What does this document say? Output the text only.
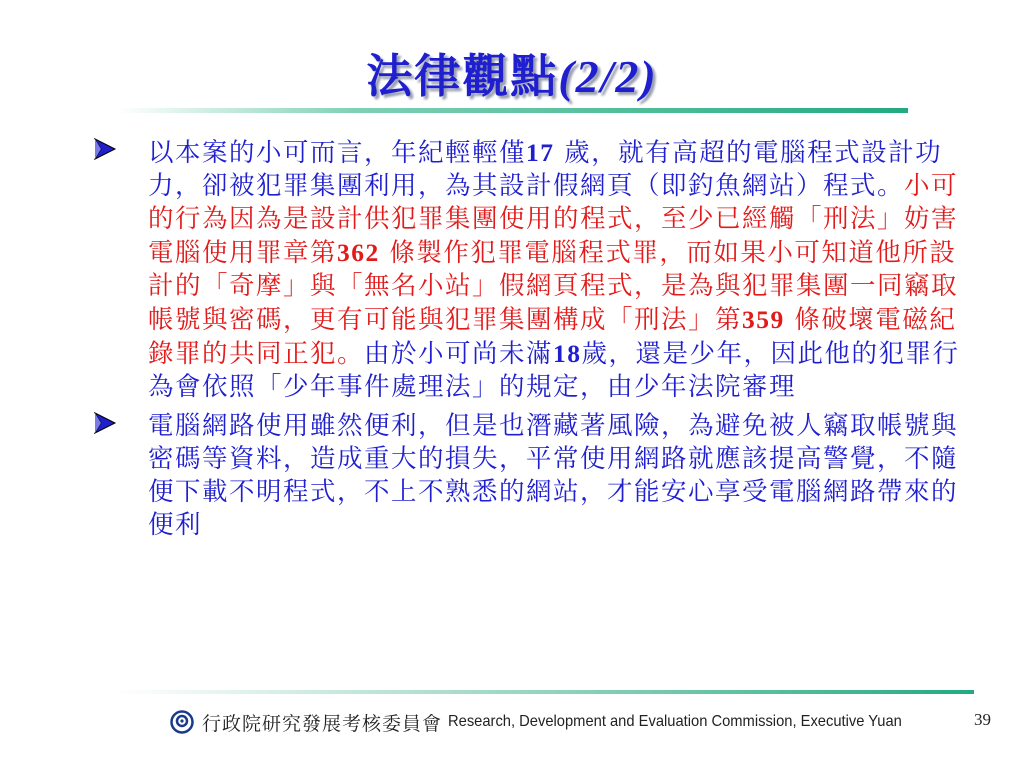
法律觀點(2/2)
以本案的小可而言，年紀輕輕僅17 歲，就有高超的電腦程式設計功力，卻被犯罪集團利用，為其設計假網頁（即釣魚網站）程式。小可的行為因為是設計供犯罪集團使用的程式，至少已經觸「刑法」妨害電腦使用罪章第362 條製作犯罪電腦程式罪，而如果小可知道他所設計的「奇摩」與「無名小站」假網頁程式，是為與犯罪集團一同竊取帳號與密碼，更有可能與犯罪集團構成「刑法」第359 條破壞電磁紀錄罪的共同正犯。由於小可尚未滿18歲，還是少年，因此他的犯罪行為會依照「少年事件處理法」的規定，由少年法院審理
電腦網路使用雖然便利，但是也潛藏著風險，為避免被人竊取帳號與密碼等資料，造成重大的損失，平常使用網路就應該提高警覺，不隨便下載不明程式，不上不熟悉的網站，才能安心享受電腦網路帶來的便利
行政院研究發展考核委員會 Research, Development and Evaluation Commission, Executive Yuan	39
